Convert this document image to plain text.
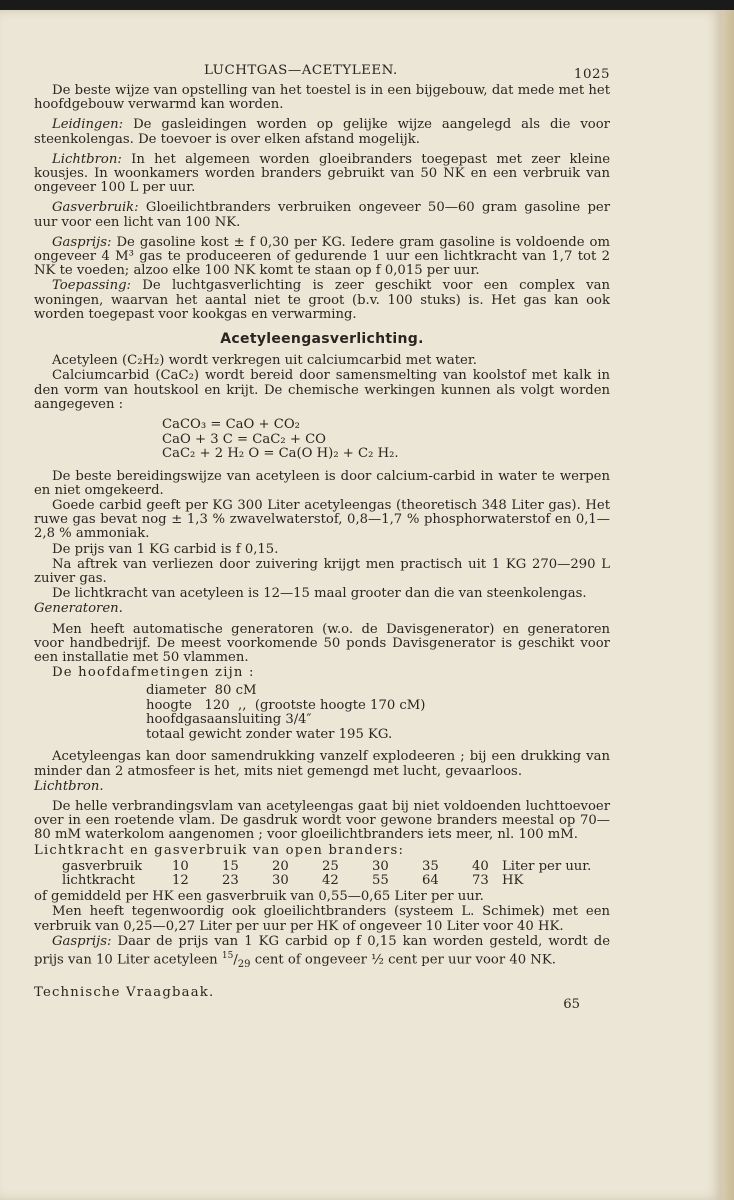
LUCHTGAS—ACETYLEEN.	1025

De beste wijze van opstelling van het toestel is in een bijgebouw, dat mede met het hoofdgebouw verwarmd kan worden.

Leidingen: De gasleidingen worden op gelijke wijze aangelegd als die voor steenkolengas. De toevoer is over elken afstand mogelijk.

Lichtbron: In het algemeen worden gloeibranders toegepast met zeer kleine kousjes. In woonkamers worden branders gebruikt van 50 NK en een verbruik van ongeveer 100 L per uur.

Gasverbruik: Gloeilichtbranders verbruiken ongeveer 50—60 gram gasoline per uur voor een licht van 100 NK.

Gasprijs: De gasoline kost ± f 0,30 per KG. Iedere gram gasoline is voldoende om ongeveer 4 M³ gas te produceeren of gedurende 1 uur een lichtkracht van 1,7 tot 2 NK te voeden; alzoo elke 100 NK komt te staan op f 0,015 per uur.

Toepassing: De luchtgasverlichting is zeer geschikt voor een complex van woningen, waarvan het aantal niet te groot (b.v. 100 stuks) is. Het gas kan ook worden toegepast voor kookgas en verwarming.

Acetyleengasverlichting.

Acetyleen (C₂H₂) wordt verkregen uit calciumcarbid met water.

Calciumcarbid (CaC₂) wordt bereid door samensmelting van koolstof met kalk in den vorm van houtskool en krijt. De chemische werkingen kunnen als volgt worden aangegeven :

CaCO₃ = CaO + CO₂
CaO + 3 C = CaC₂ + CO
CaC₂ + 2 H₂ O = Ca(O H)₂ + C₂ H₂.

De beste bereidingswijze van acetyleen is door calcium-carbid in water te werpen en niet omgekeerd.

Goede carbid geeft per KG 300 Liter acetyleengas (theoretisch 348 Liter gas). Het ruwe gas bevat nog ± 1,3 % zwavelwaterstof, 0,8—1,7 % phosphorwaterstof en 0,1—2,8 % ammoniak.

De prijs van 1 KG carbid is f 0,15.

Na aftrek van verliezen door zuivering krijgt men practisch uit 1 KG 270—290 L zuiver gas.

De lichtkracht van acetyleen is 12—15 maal grooter dan die van steenkolengas.

Generatoren.

Men heeft automatische generatoren (w.o. de Davisgenerator) en generatoren voor handbedrijf. De meest voorkomende 50 ponds Davisgenerator is geschikt voor een installatie met 50 vlammen.

De hoofdafmetingen zijn :

diameter  80 cM
hoogte   120  ,,  (grootste hoogte 170 cM)
hoofdgasaansluiting 3/4″
totaal gewicht zonder water 195 KG.

Acetyleengas kan door samendrukking vanzelf explodeeren ; bij een drukking van minder dan 2 atmosfeer is het, mits niet gemengd met lucht, gevaarloos.

Lichtbron.

De helle verbrandingsvlam van acetyleengas gaat bij niet voldoenden luchttoevoer over in een roetende vlam. De gasdruk wordt voor gewone branders meestal op 70—80 mM waterkolom aangenomen ; voor gloeilichtbranders iets meer, nl. 100 mM.

Lichtkracht en gasverbruik van open branders:

gasverbruik	10	15	20	25	30	35	40	Liter per uur.
lichtkracht	12	23	30	42	55	64	73	HK

of gemiddeld per HK een gasverbruik van 0,55—0,65 Liter per uur.

Men heeft tegenwoordig ook gloeilichtbranders (systeem L. Schimek) met een verbruik van 0,25—0,27 Liter per uur per HK of ongeveer 10 Liter voor 40 HK.

Gasprijs: Daar de prijs van 1 KG carbid op f 0,15 kan worden gesteld, wordt de prijs van 10 Liter acetyleen $^{15}/_{29}$ cent of ongeveer ½ cent per uur voor 40 NK.

Technische Vraagbaak.
65
